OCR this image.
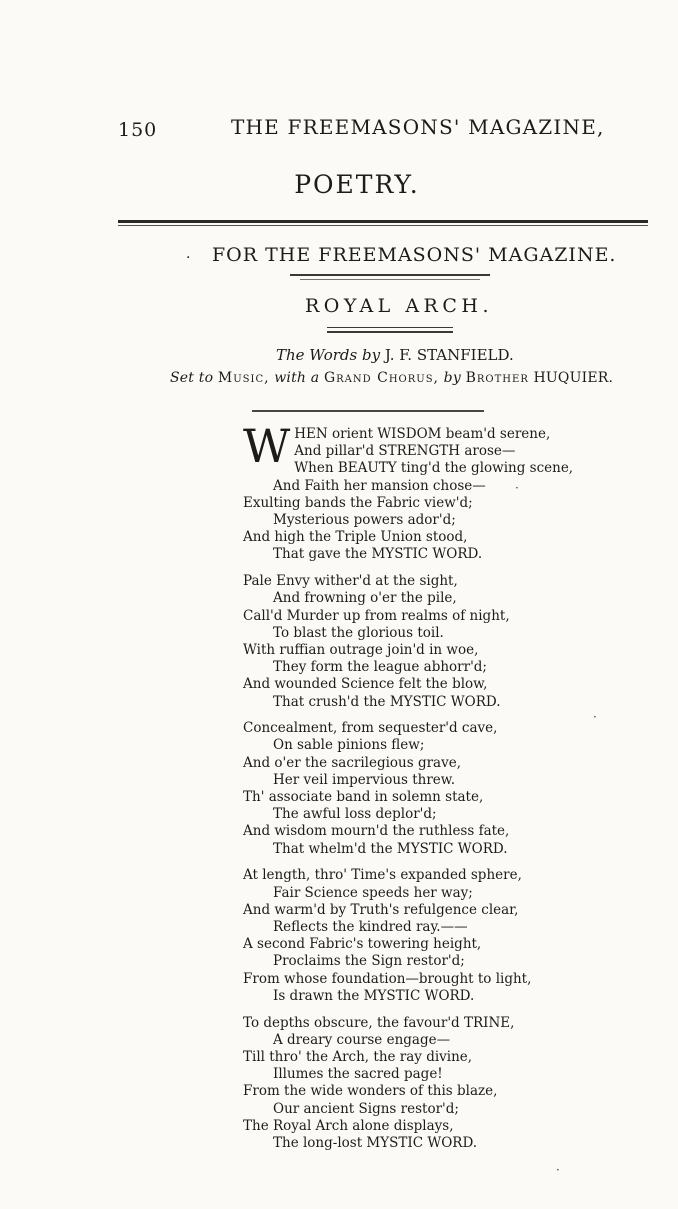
150	THE FREEMASONS' MAGAZINE,
POETRY.
. FOR THE FREEMASONS' MAGAZINE.
ROYAL ARCH.
The Words by J. F. STANFIELD.
Set to Music, with a Grand Chorus, by Brother HUQUIER.
WHEN orient WISDOM beam'd serene,
And pillar'd STRENGTH arose—
When BEAUTY ting'd the glowing scene,
And Faith her mansion chose—
Exulting bands the Fabric view'd;
Mysterious powers ador'd;
And high the Triple Union stood,
That gave the MYSTIC WORD.
Pale Envy wither'd at the sight,
And frowning o'er the pile,
Call'd Murder up from realms of night,
To blast the glorious toil.
With ruffian outrage join'd in woe,
They form the league abhorr'd;
And wounded Science felt the blow,
That crush'd the MYSTIC WORD.
Concealment, from sequester'd cave,
On sable pinions flew;
And o'er the sacrilegious grave,
Her veil impervious threw.
Th' associate band in solemn state,
The awful loss deplor'd;
And wisdom mourn'd the ruthless fate,
That whelm'd the MYSTIC WORD.
At length, thro' Time's expanded sphere,
Fair Science speeds her way;
And warm'd by Truth's refulgence clear,
Reflects the kindred ray.——
A second Fabric's towering height,
Proclaims the Sign restor'd;
From whose foundation—brought to light,
Is drawn the MYSTIC WORD.
To depths obscure, the favour'd TRINE,
A dreary course engage—
Till thro' the Arch, the ray divine,
Illumes the sacred page!
From the wide wonders of this blaze,
Our ancient Signs restor'd;
The Royal Arch alone displays,
The long-lost MYSTIC WORD.
·
·
·
